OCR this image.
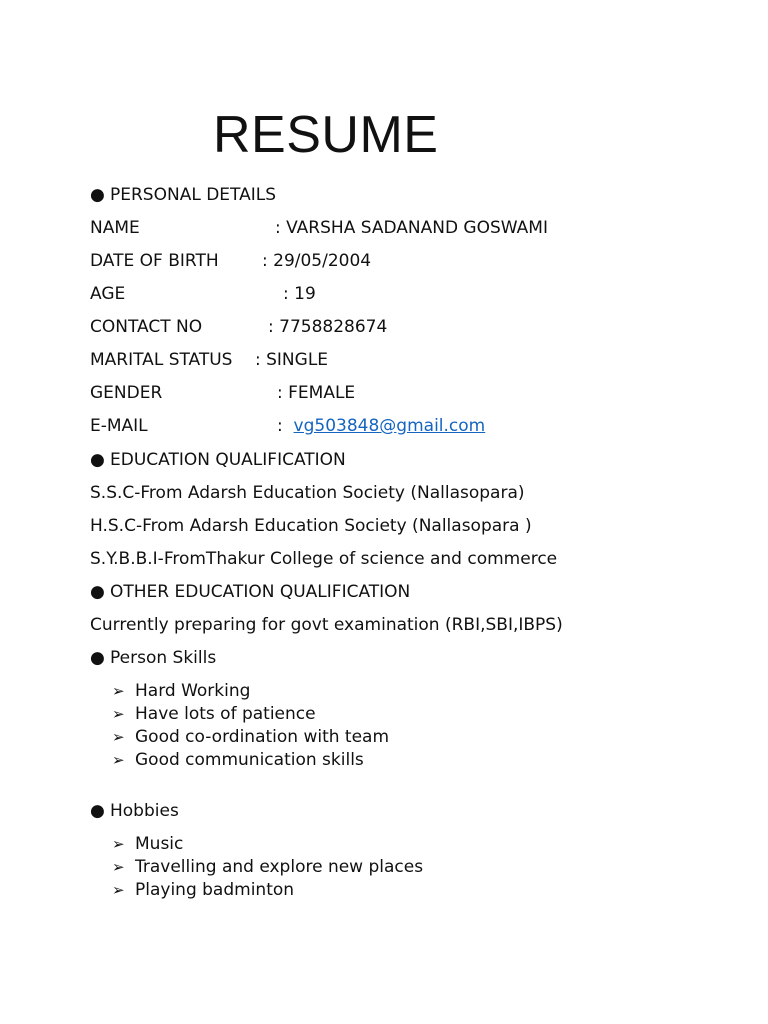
RESUME
● PERSONAL DETAILS
NAME	: VARSHA SADANAND GOSWAMI
DATE OF BIRTH	: 29/05/2004
AGE	: 19
CONTACT NO	: 7758828674
MARITAL STATUS : SINGLE
GENDER	: FEMALE
E-MAIL	: vg503848@gmail.com
● EDUCATION QUALIFICATION
S.S.C-From Adarsh Education Society (Nallasopara)
H.S.C-From Adarsh Education Society (Nallasopara )
S.Y.B.B.I-FromThakur College of science and commerce
● OTHER EDUCATION QUALIFICATION
Currently preparing for govt examination (RBI,SBI,IBPS)
● Person Skills
➢ Hard Working
➢ Have lots of patience
➢ Good co-ordination with team
➢ Good communication skills
● Hobbies
➢ Music
➢ Travelling and explore new places
➢ Playing badminton
